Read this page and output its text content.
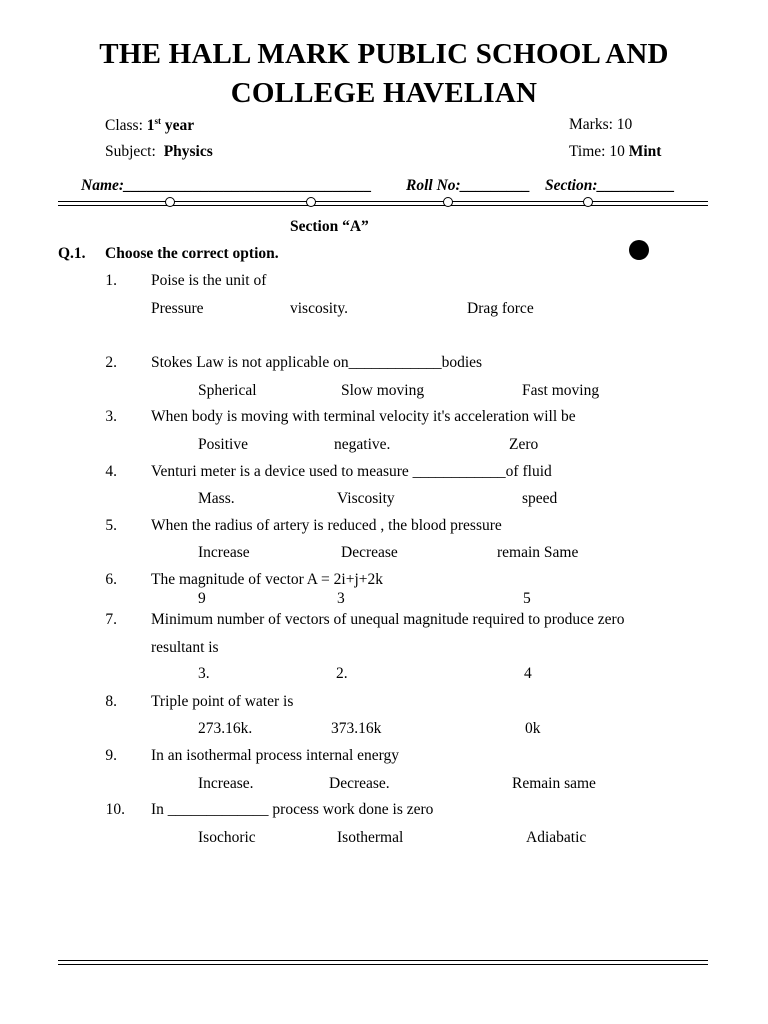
THE HALL MARK PUBLIC SCHOOL AND
COLLEGE HAVELIAN
Class: 1st year	Marks: 10
Subject: Physics	Time: 10 Mint
Name:________________________________ Roll No:_________ Section:__________
Section “A”
Q.1. Choose the correct option.
1. Poise is the unit of
Pressure	viscosity.	Drag force
2. Stokes Law is not applicable on____________bodies
Spherical	Slow moving	Fast moving
3. When body is moving with terminal velocity it's acceleration will be
Positive	negative.	Zero
4. Venturi meter is a device used to measure ____________of fluid
Mass.	Viscosity	speed
5. When the radius of artery is reduced , the blood pressure
Increase	Decrease	remain Same
6. The magnitude of vector A = 2i+j+2k
9	3	5
7. Minimum number of vectors of unequal magnitude required to produce zero
resultant is
3.	2.	4
8. Triple point of water is
273.16k.	373.16k	0k
9. In an isothermal process internal energy
Increase.	Decrease.	Remain same
10. In _____________ process work done is zero
Isochoric	Isothermal	Adiabatic
